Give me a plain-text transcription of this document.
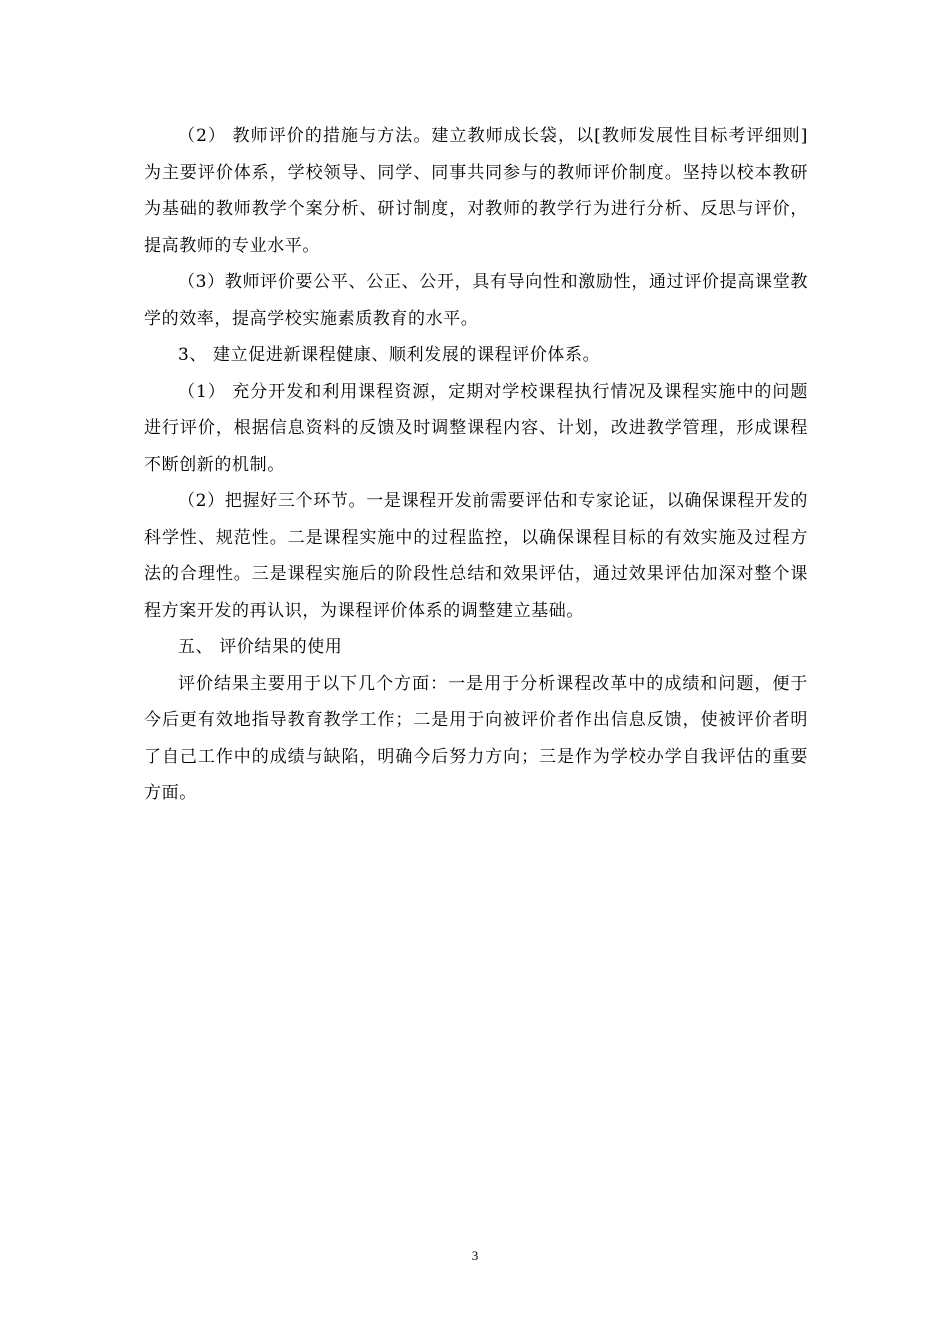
（2） 教师评价的措施与方法。建立教师成长袋，以[教师发展性目标考评细则]为主要评价体系，学校领导、同学、同事共同参与的教师评价制度。坚持以校本教研为基础的教师教学个案分析、研讨制度，对教师的教学行为进行分析、反思与评价，提高教师的专业水平。

（3）教师评价要公平、公正、公开，具有导向性和激励性，通过评价提高课堂教学的效率，提高学校实施素质教育的水平。

3、 建立促进新课程健康、顺利发展的课程评价体系。

（1） 充分开发和利用课程资源，定期对学校课程执行情况及课程实施中的问题进行评价，根据信息资料的反馈及时调整课程内容、计划，改进教学管理，形成课程不断创新的机制。

（2）把握好三个环节。一是课程开发前需要评估和专家论证，以确保课程开发的科学性、规范性。二是课程实施中的过程监控，以确保课程目标的有效实施及过程方法的合理性。三是课程实施后的阶段性总结和效果评估，通过效果评估加深对整个课程方案开发的再认识，为课程评价体系的调整建立基础。

五、 评价结果的使用

评价结果主要用于以下几个方面：一是用于分析课程改革中的成绩和问题，便于今后更有效地指导教育教学工作；二是用于向被评价者作出信息反馈，使被评价者明了自己工作中的成绩与缺陷，明确今后努力方向；三是作为学校办学自我评估的重要方面。

3
